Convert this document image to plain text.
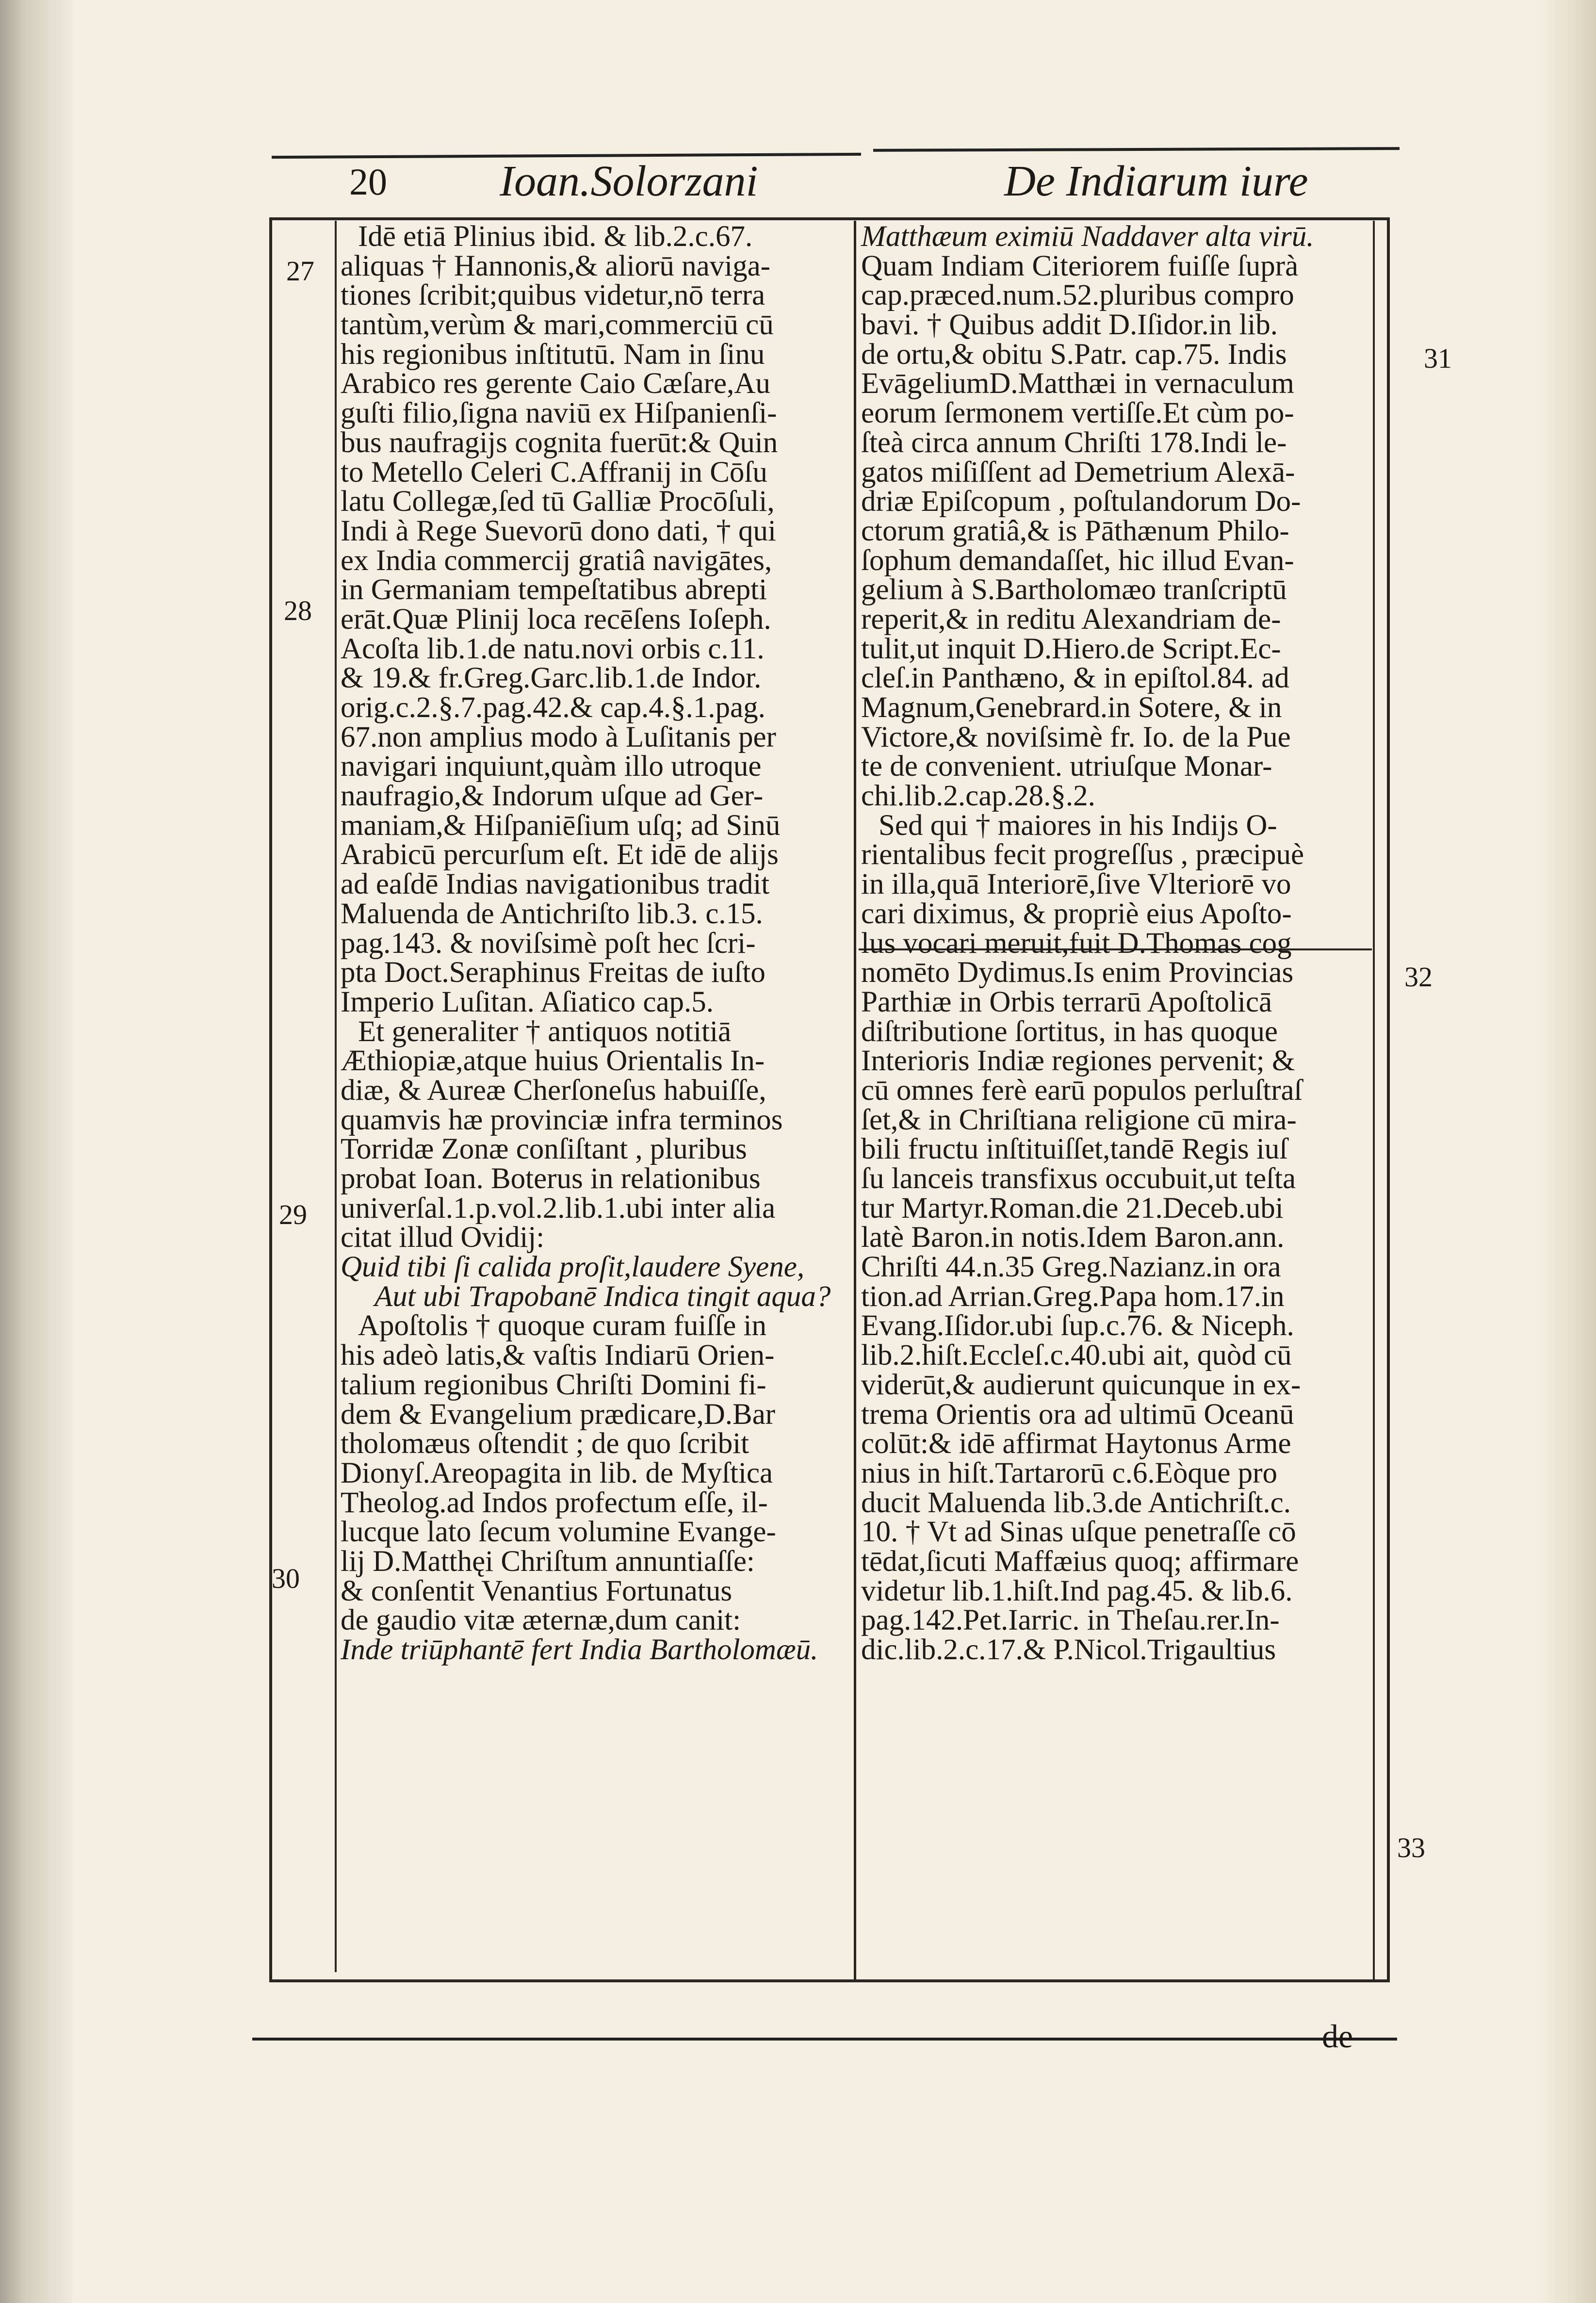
20	Ioan.Solorzani	De Indiarum iure
Idē etiā Plinius ibid. & lib.2.c.67.
aliquas † Hannonis,& aliorū naviga-
tiones ſcribit;quibus videtur,nō terra
tantùm,verùm & mari,commerciū cū
his regionibus inſtitutū. Nam in ſinu
Arabico res gerente Caio Cæſare,Au
guſti filio,ſigna naviū ex Hiſpanienſi-
bus naufragijs cognita fuerūt:& Quin
to Metello Celeri C.Affranij in Cōſu
latu Collegæ,ſed tū Galliæ Procōſuli,
Indi à Rege Suevorū dono dati, † qui
ex India commercij gratiâ navigātes,
in Germaniam tempeſtatibus abrepti
erāt.Quæ Plinij loca recēſens Ioſeph.
Acoſta lib.1.de natu.novi orbis c.11.
& 19.& fr.Greg.Garc.lib.1.de Indor.
orig.c.2.§.7.pag.42.& cap.4.§.1.pag.
67.non amplius modo à Luſitanis per
navigari inquiunt,quàm illo utroque
naufragio,& Indorum uſque ad Ger-
maniam,& Hiſpaniēſium uſq; ad Sinū
Arabicū percurſum eſt. Et idē de alijs
ad eaſdē Indias navigationibus tradit
Maluenda de Antichriſto lib.3. c.15.
pag.143. & noviſsimè poſt hec ſcri-
pta Doct.Seraphinus Freitas de iuſto
Imperio Luſitan. Aſiatico cap.5.
Et generaliter † antiquos notitiā
Æthiopiæ,atque huius Orientalis In-
diæ, & Aureæ Cherſoneſus habuiſſe,
quamvis hæ provinciæ infra terminos
Torridæ Zonæ conſiſtant , pluribus
probat Ioan. Boterus in relationibus
univerſal.1.p.vol.2.lib.1.ubi inter alia
citat illud Ovidij:
Quid tibi ſi calida proſit,laudere Syene,
Aut ubi Trapobanē Indica tingit aqua?
Apoſtolis † quoque curam fuiſſe in
his adeò latis,& vaſtis Indiarū Orien-
talium regionibus Chriſti Domini fi-
dem & Evangelium prædicare,D.Bar
tholomæus oſtendit ; de quo ſcribit
Dionyſ.Areopagita in lib. de Myſtica
Theolog.ad Indos profectum eſſe, il-
lucque lato ſecum volumine Evange-
lij D.Matthęi Chriſtum annuntiaſſe:
& conſentit Venantius Fortunatus
de gaudio vitæ æternæ,dum canit:
Inde triūphantē fert India Bartholomæū.
Matthæum eximiū Naddaver alta virū.
Quam Indiam Citeriorem fuiſſe ſuprà
cap.præced.num.52.pluribus compro
bavi. † Quibus addit D.Iſidor.in lib.
de ortu,& obitu S.Patr. cap.75. Indis
EvāgeliumD.Matthæi in vernaculum
eorum ſermonem vertiſſe.Et cùm po-
ſteà circa annum Chriſti 178.Indi le-
gatos miſiſſent ad Demetrium Alexā-
driæ Epiſcopum , poſtulandorum Do-
ctorum gratiâ,& is Pāthænum Philo-
ſophum demandaſſet, hic illud Evan-
gelium à S.Bartholomæo tranſcriptū
reperit,& in reditu Alexandriam de-
tulit,ut inquit D.Hiero.de Script.Ec-
cleſ.in Panthæno, & in epiſtol.84. ad
Magnum,Genebrard.in Sotere, & in
Victore,& noviſsimè fr. Io. de la Pue
te de convenient. utriuſque Monar-
chi.lib.2.cap.28.§.2.
Sed qui † maiores in his Indijs O-
rientalibus fecit progreſſus , præcipuè
in illa,quā Interiorē,ſive Vlteriorē vo
cari diximus, & propriè eius Apoſto-
lus vocari meruit,fuit D.Thomas cog
nomēto Dydimus.Is enim Provincias
Parthiæ in Orbis terrarū Apoſtolicā
diſtributione ſortitus, in has quoque
Interioris Indiæ regiones pervenit; &
cū omnes ferè earū populos perluſtraſ
ſet,& in Chriſtiana religione cū mira-
bili fructu inſtituiſſet,tandē Regis iuſ
ſu lanceis transfixus occubuit,ut teſta
tur Martyr.Roman.die 21.Deceb.ubi
latè Baron.in notis.Idem Baron.ann.
Chriſti 44.n.35 Greg.Nazianz.in ora
tion.ad Arrian.Greg.Papa hom.17.in
Evang.Iſidor.ubi ſup.c.76. & Niceph.
lib.2.hiſt.Eccleſ.c.40.ubi ait, quòd cū
viderūt,& audierunt quicunque in ex-
trema Orientis ora ad ultimū Oceanū
colūt:& idē affirmat Haytonus Arme
nius in hiſt.Tartarorū c.6.Eòque pro
ducit Maluenda lib.3.de Antichriſt.c.
10. † Vt ad Sinas uſque penetraſſe cō
tēdat,ſicuti Maffæius quoq; affirmare
videtur lib.1.hiſt.Ind pag.45. & lib.6.
pag.142.Pet.Iarric. in Theſau.rer.In-
dic.lib.2.c.17.& P.Nicol.Trigaultius
27
28
29
30
31
32
33
de
